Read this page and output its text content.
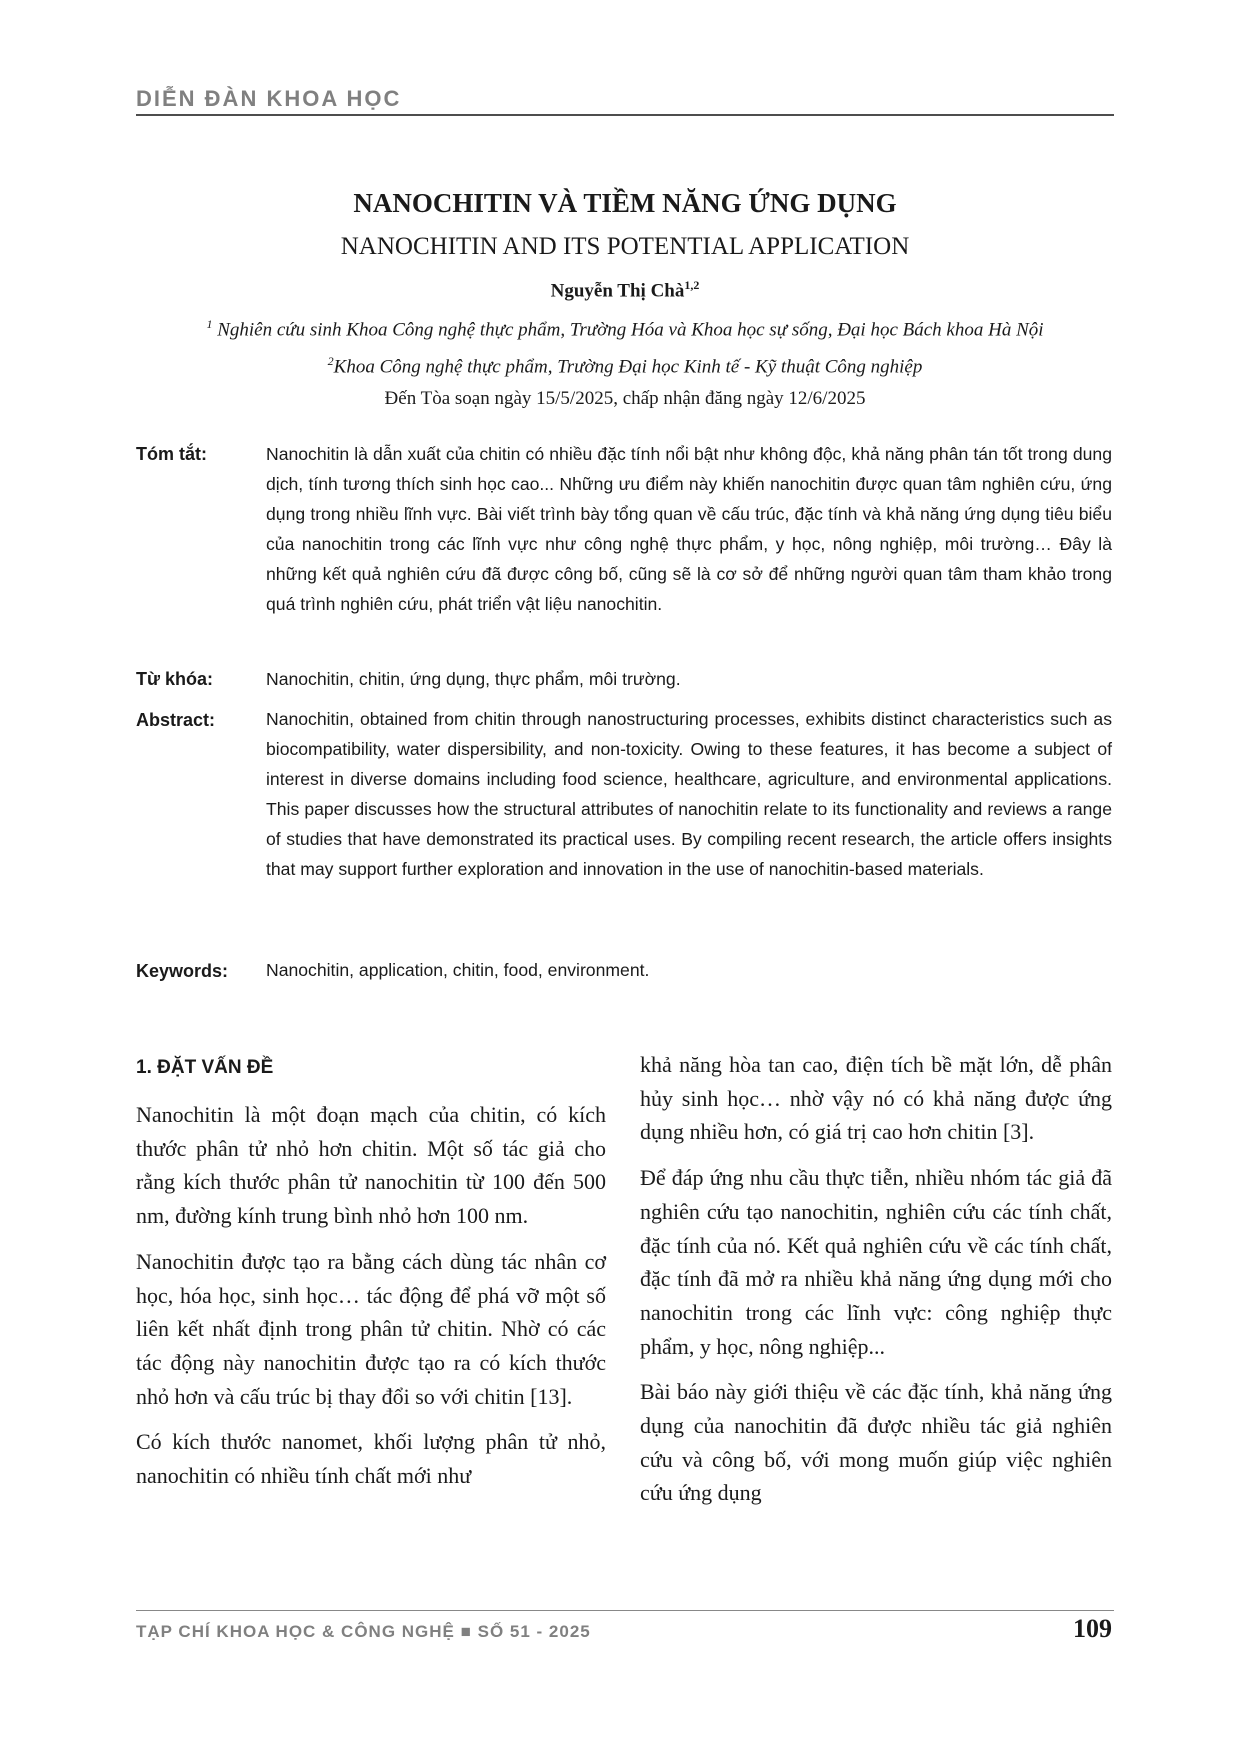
DIỄN ĐÀN KHOA HỌC
NANOCHITIN VÀ TIỀM NĂNG ỨNG DỤNG
NANOCHITIN AND ITS POTENTIAL APPLICATION
Nguyễn Thị Chà$^{1,2}$
$^1$ Nghiên cứu sinh Khoa Công nghệ thực phẩm, Trường Hóa và Khoa học sự sống, Đại học Bách khoa Hà Nội
$^2$Khoa Công nghệ thực phẩm, Trường Đại học Kinh tế - Kỹ thuật Công nghiệp
Đến Tòa soạn ngày 15/5/2025, chấp nhận đăng ngày 12/6/2025
Tóm tắt:	Nanochitin là dẫn xuất của chitin có nhiều đặc tính nổi bật như không độc, khả năng phân tán tốt trong dung dịch, tính tương thích sinh học cao... Những ưu điểm này khiến nanochitin được quan tâm nghiên cứu, ứng dụng trong nhiều lĩnh vực. Bài viết trình bày tổng quan về cấu trúc, đặc tính và khả năng ứng dụng tiêu biểu của nanochitin trong các lĩnh vực như công nghệ thực phẩm, y học, nông nghiệp, môi trường… Đây là những kết quả nghiên cứu đã được công bố, cũng sẽ là cơ sở để những người quan tâm tham khảo trong quá trình nghiên cứu, phát triển vật liệu nanochitin.
Từ khóa:	Nanochitin, chitin, ứng dụng, thực phẩm, môi trường.
Abstract:	Nanochitin, obtained from chitin through nanostructuring processes, exhibits distinct characteristics such as biocompatibility, water dispersibility, and non-toxicity. Owing to these features, it has become a subject of interest in diverse domains including food science, healthcare, agriculture, and environmental applications. This paper discusses how the structural attributes of nanochitin relate to its functionality and reviews a range of studies that have demonstrated its practical uses. By compiling recent research, the article offers insights that may support further exploration and innovation in the use of nanochitin-based materials.
Keywords: Nanochitin, application, chitin, food, environment.
1. ĐẶT VẤN ĐỀ

Nanochitin là một đoạn mạch của chitin, có kích thước phân tử nhỏ hơn chitin. Một số tác giả cho rằng kích thước phân tử nanochitin từ 100 đến 500 nm, đường kính trung bình nhỏ hơn 100 nm.

Nanochitin được tạo ra bằng cách dùng tác nhân cơ học, hóa học, sinh học… tác động để phá vỡ một số liên kết nhất định trong phân tử chitin. Nhờ có các tác động này nanochitin được tạo ra có kích thước nhỏ hơn và cấu trúc bị thay đổi so với chitin [13].

Có kích thước nanomet, khối lượng phân tử nhỏ, nanochitin có nhiều tính chất mới như

khả năng hòa tan cao, điện tích bề mặt lớn, dễ phân hủy sinh học… nhờ vậy nó có khả năng được ứng dụng nhiều hơn, có giá trị cao hơn chitin [3].

Để đáp ứng nhu cầu thực tiễn, nhiều nhóm tác giả đã nghiên cứu tạo nanochitin, nghiên cứu các tính chất, đặc tính của nó. Kết quả nghiên cứu về các tính chất, đặc tính đã mở ra nhiều khả năng ứng dụng mới cho nanochitin trong các lĩnh vực: công nghiệp thực phẩm, y học, nông nghiệp...

Bài báo này giới thiệu về các đặc tính, khả năng ứng dụng của nanochitin đã được nhiều tác giả nghiên cứu và công bố, với mong muốn giúp việc nghiên cứu ứng dụng

TẠP CHÍ KHOA HỌC & CÔNG NGHỆ ■ SỐ 51 - 2025	109
